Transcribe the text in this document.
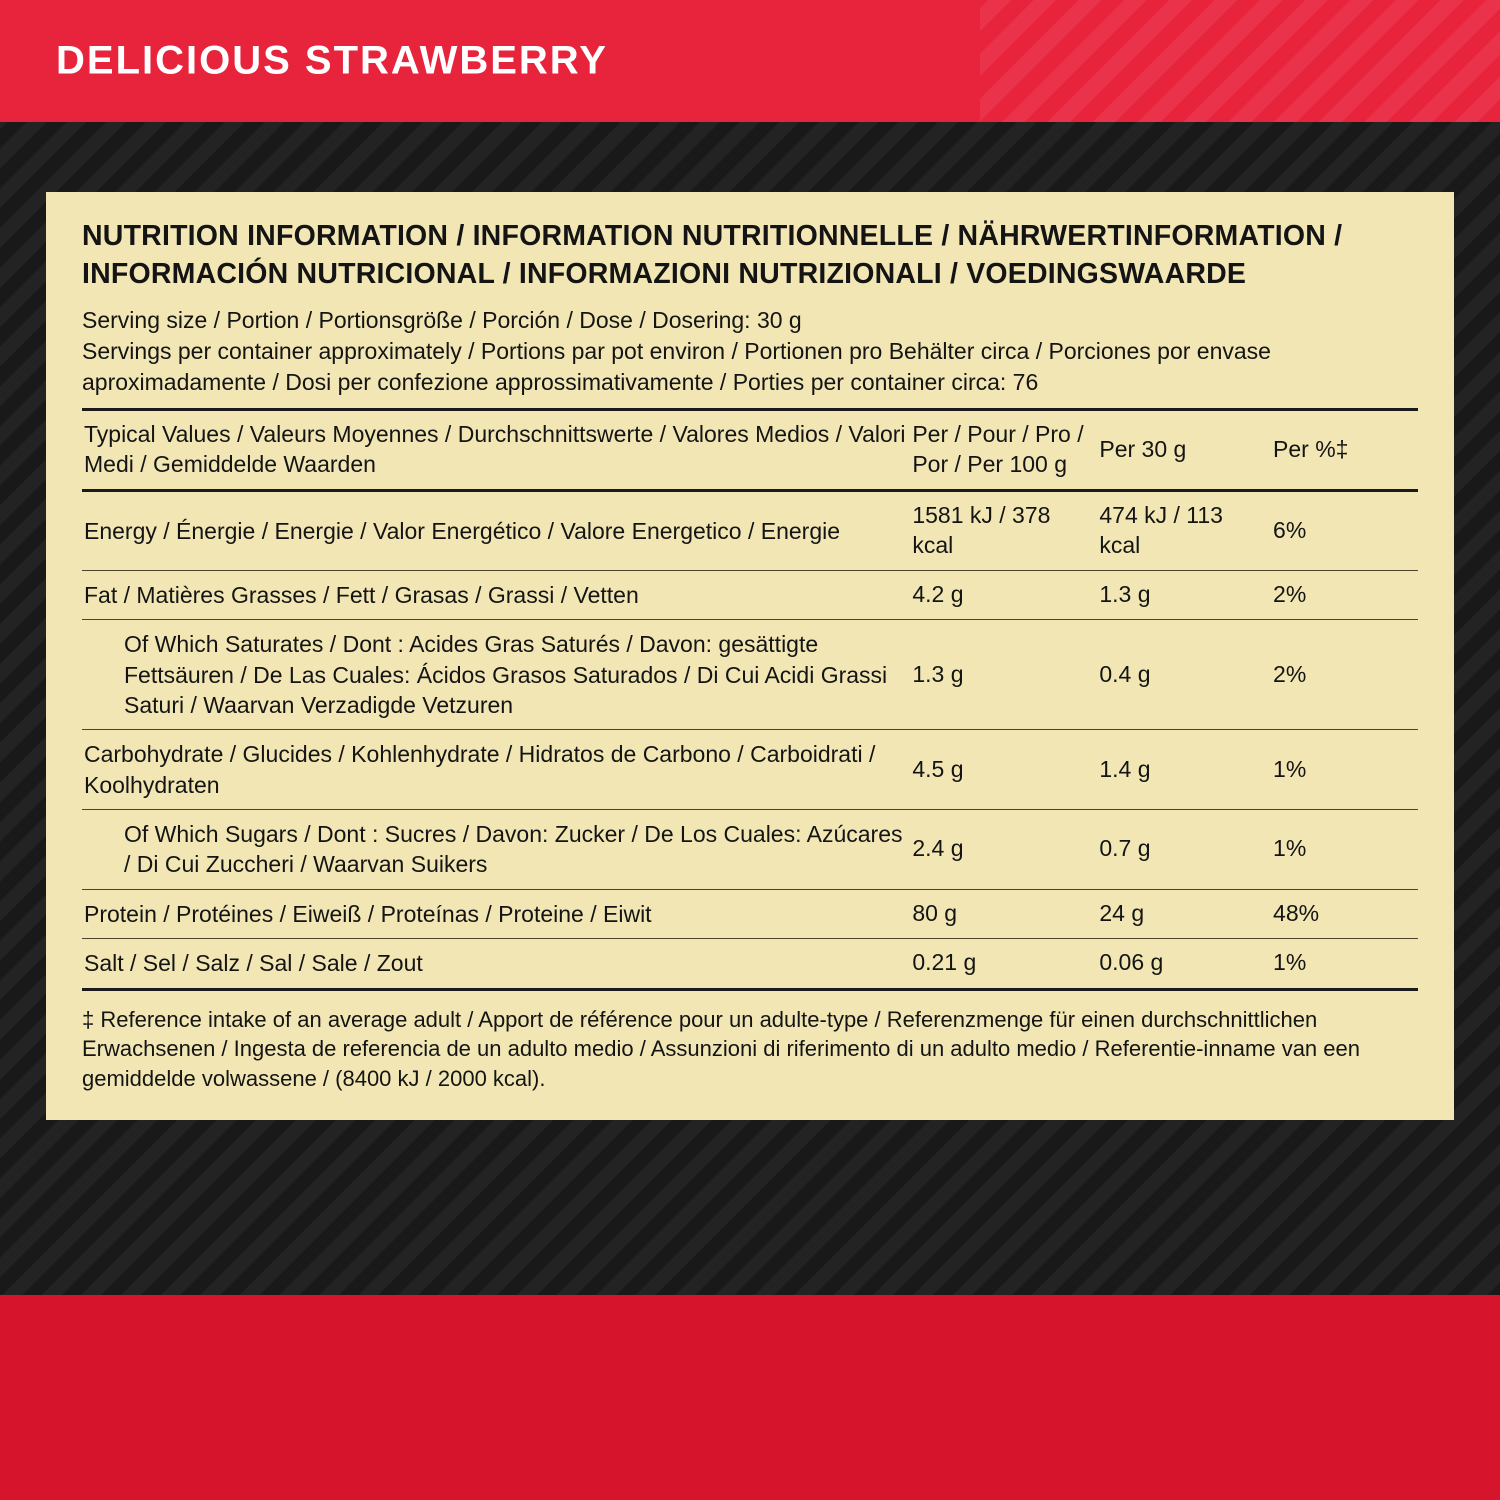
DELICIOUS STRAWBERRY
NUTRITION INFORMATION / INFORMATION NUTRITIONNELLE / NÄHRWERTINFORMATION / INFORMACIÓN NUTRICIONAL / INFORMAZIONI NUTRIZIONALI / VOEDINGSWAARDE

Serving size / Portion / Portionsgröße / Porción / Dose / Dosering: 30 g

Servings per container approximately / Portions par pot environ / Portionen pro Behälter circa / Porciones por envase aproximadamente / Dosi per confezione approssimativamente / Porties per container circa: 76

Typical Values / Valeurs Moyennes / Durchschnittswerte / Valores Medios / Valori Medi / Gemiddelde Waarden	Per / Pour / Pro / Por / Per 100 g	Per 30 g	Per %‡
Energy / Énergie / Energie / Valor Energético / Valore Energetico / Energie	1581 kJ / 378 kcal	474 kJ / 113 kcal	6%
Fat / Matières Grasses / Fett / Grasas / Grassi / Vetten	4.2 g	1.3 g	2%
Of Which Saturates / Dont : Acides Gras Saturés / Davon: gesättigte Fettsäuren / De Las Cuales: Ácidos Grasos Saturados / Di Cui Acidi Grassi Saturi / Waarvan Verzadigde Vetzuren	1.3 g	0.4 g	2%
Carbohydrate / Glucides / Kohlenhydrate / Hidratos de Carbono / Carboidrati / Koolhydraten	4.5 g	1.4 g	1%
Of Which Sugars / Dont : Sucres / Davon: Zucker / De Los Cuales: Azúcares / Di Cui Zuccheri / Waarvan Suikers	2.4 g	0.7 g	1%
Protein / Protéines / Eiweiß / Proteínas / Proteine / Eiwit	80 g	24 g	48%
Salt / Sel / Salz / Sal / Sale / Zout	0.21 g	0.06 g	1%
‡ Reference intake of an average adult / Apport de référence pour un adulte-type / Referenzmenge für einen durchschnittlichen Erwachsenen / Ingesta de referencia de un adulto medio / Assunzioni di riferimento di un adulto medio / Referentie-inname van een gemiddelde volwassene / (8400 kJ / 2000 kcal).
